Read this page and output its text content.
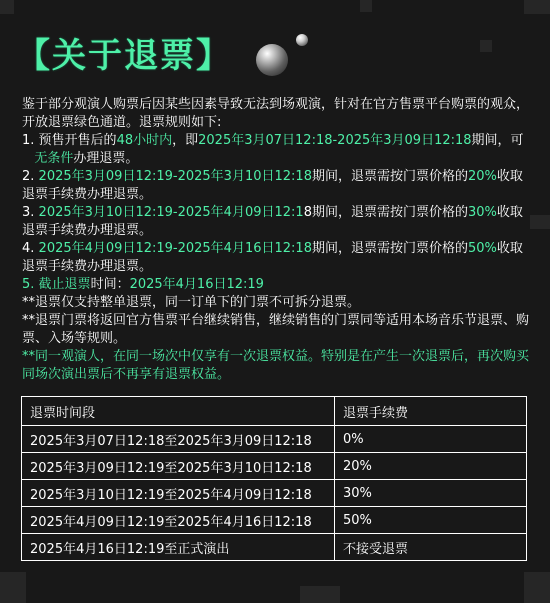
【关于退票】

鉴于部分观演人购票后因某些因素导致无法到场观演，针对在官方售票平台购票的观众，开放退票绿色通道。退票规则如下:

1. 预售开售后的48小时内，即2025年3月07日12:18-2025年3月09日12:18期间，可
无条件办理退票。

2. 2025年3月09日12:19-2025年3月10日12:18期间，退票需按门票价格的20%收取退票手续费办理退票。

3. 2025年3月10日12:19-2025年4月09日12:18期间，退票需按门票价格的30%收取退票手续费办理退票。

4. 2025年4月09日12:19-2025年4月16日12:18期间，退票需按门票价格的50%收取退票手续费办理退票。

5. 截止退票时间：2025年4月16日12:19

**退票仅支持整单退票，同一订单下的门票不可拆分退票。

**退票门票将返回官方售票平台继续销售，继续销售的门票同等适用本场音乐节退票、购票、入场等规则。

**同一观演人，在同一场次中仅享有一次退票权益。特别是在产生一次退票后，再次购买同场次演出票后不再享有退票权益。

退票时间段	退票手续费
2025年3月07日12:18至2025年3月09日12:18	0%
2025年3月09日12:19至2025年3月10日12:18	20%
2025年3月10日12:19至2025年4月09日12:18	30%
2025年4月09日12:19至2025年4月16日12:18	50%
2025年4月16日12:19至正式演出	不接受退票
